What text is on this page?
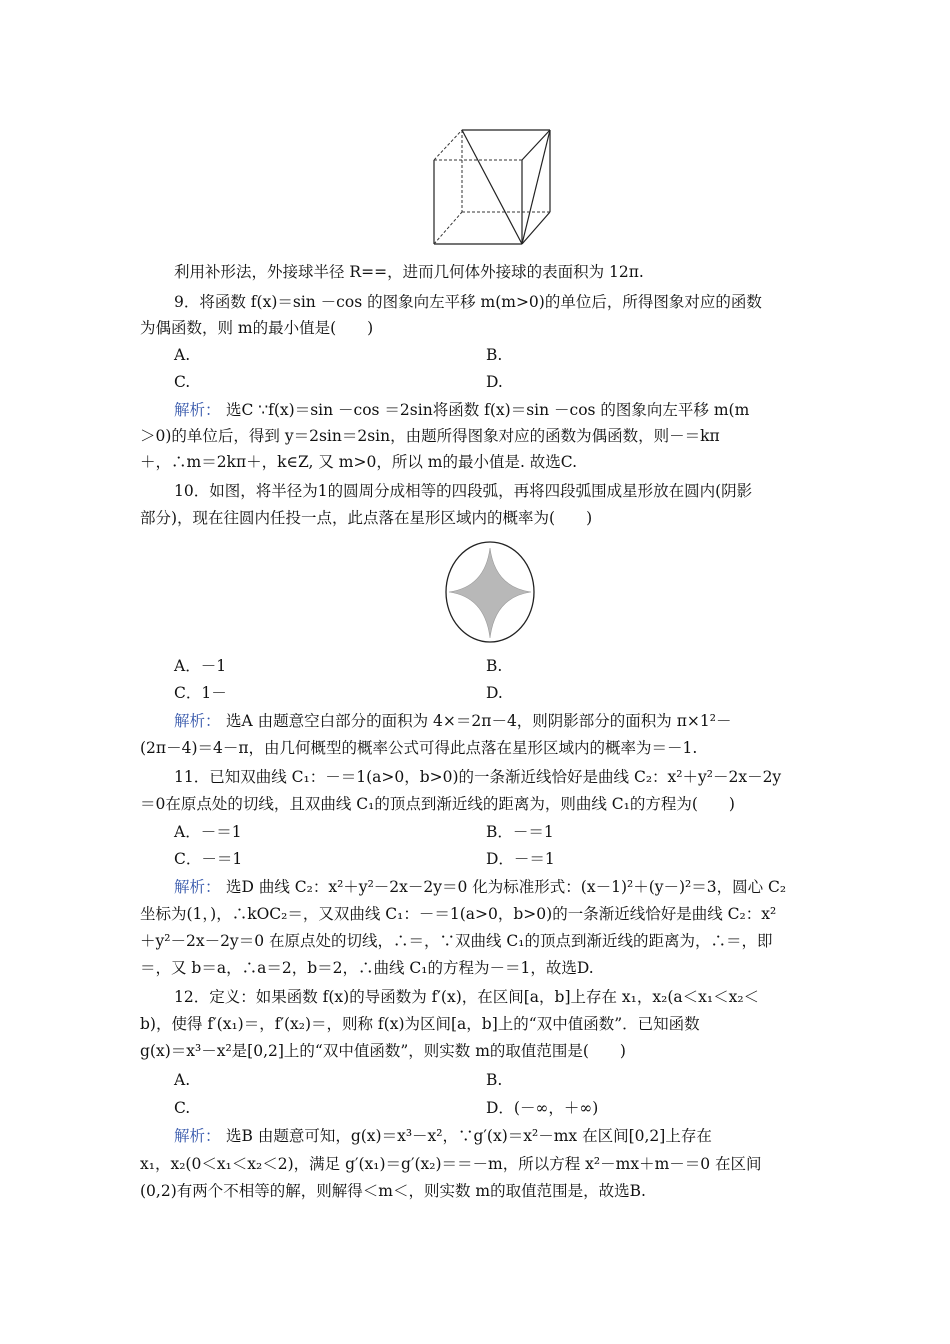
利用补形法，外接球半径 R==，进而几何体外接球的表面积为 12π.
9．将函数 f(x)＝sin －cos 的图象向左平移 m(m>0)的单位后，所得图象对应的函数
为偶函数，则 m的最小值是(　　)
A.	B.
C.	D.
解析： 选C ∵f(x)＝sin －cos ＝2sin将函数 f(x)＝sin －cos 的图象向左平移 m(m
＞0)的单位后，得到 y＝2sin＝2sin，由题所得图象对应的函数为偶函数，则－＝kπ
＋，∴m＝2kπ＋，k∈Z, 又 m>0，所以 m的最小值是. 故选C.
10．如图，将半径为1的圆周分成相等的四段弧，再将四段弧围成星形放在圆内(阴影
部分)，现在往圆内任投一点，此点落在星形区域内的概率为(　　)
A．－1	B.
C．1－	D.
解析： 选A 由题意空白部分的面积为 4×＝2π－4，则阴影部分的面积为 π×1²－
(2π－4)＝4－π，由几何概型的概率公式可得此点落在星形区域内的概率为＝－1.
11．已知双曲线 C₁：－＝1(a>0，b>0)的一条渐近线恰好是曲线 C₂：x²＋y²－2x－2y
＝0在原点处的切线，且双曲线 C₁的顶点到渐近线的距离为，则曲线 C₁的方程为(　　)
A．－＝1	B．－＝1
C．－＝1	D．－＝1
解析： 选D 曲线 C₂：x²＋y²－2x－2y＝0 化为标准形式：(x－1)²＋(y－)²＝3，圆心 C₂
坐标为(1，)，∴kOC₂＝，又双曲线 C₁：－＝1(a>0，b>0)的一条渐近线恰好是曲线 C₂：x²
＋y²－2x－2y＝0 在原点处的切线，∴＝，∵双曲线 C₁的顶点到渐近线的距离为，∴＝，即
＝，又 b＝a，∴a＝2，b＝2，∴曲线 C₁的方程为－＝1，故选D.
12．定义：如果函数 f(x)的导函数为 f′(x)，在区间[a，b]上存在 x₁，x₂(a＜x₁＜x₂＜
b)，使得 f′(x₁)＝，f′(x₂)＝，则称 f(x)为区间[a，b]上的“双中值函数”．已知函数
g(x)＝x³－x²是[0,2]上的“双中值函数”，则实数 m的取值范围是(　　)
A.	B.
C.	D．(－∞，＋∞)
解析： 选B 由题意可知，g(x)＝x³－x²，∵g′(x)＝x²－mx 在区间[0,2]上存在
x₁，x₂(0＜x₁＜x₂＜2)，满足 g′(x₁)＝g′(x₂)＝＝－m，所以方程 x²－mx＋m－＝0 在区间
(0,2)有两个不相等的解，则解得＜m＜，则实数 m的取值范围是，故选B.
